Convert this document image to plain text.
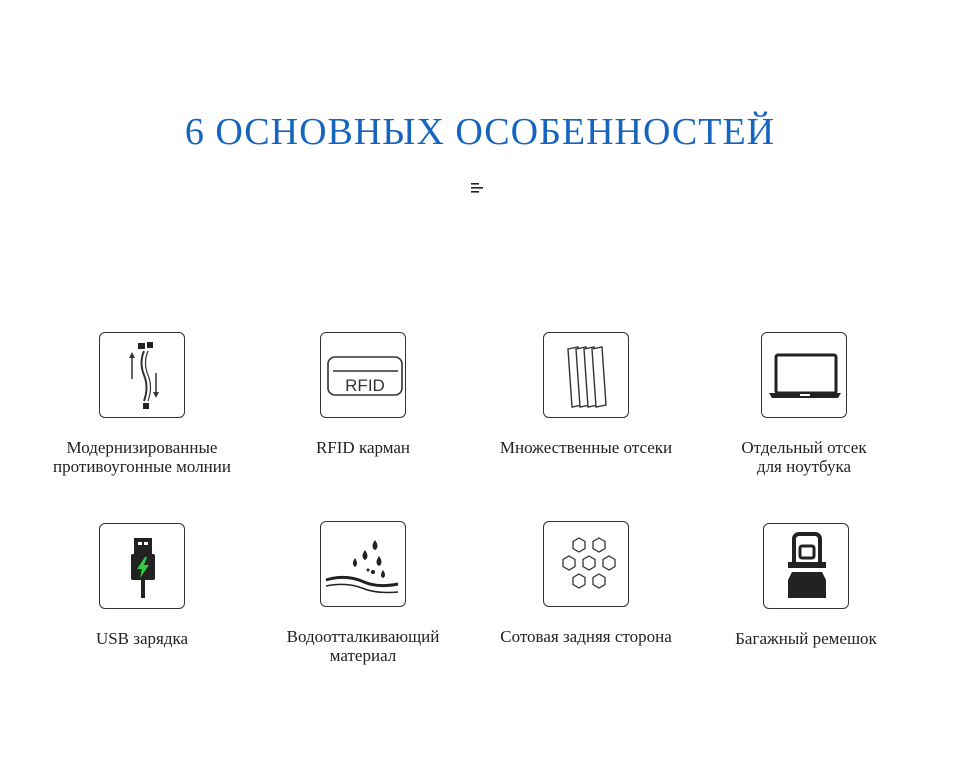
6 ОСНОВНЫХ ОСОБЕННОСТЕЙ
Модернизированные
противоугонные молнии
RFID
RFID карман	Множественные отсеки	Отдельный отсек
для ноутбука
USB зарядка	Водоотталкивающий
материал
Сотовая задняя сторона	Багажный ремешок
